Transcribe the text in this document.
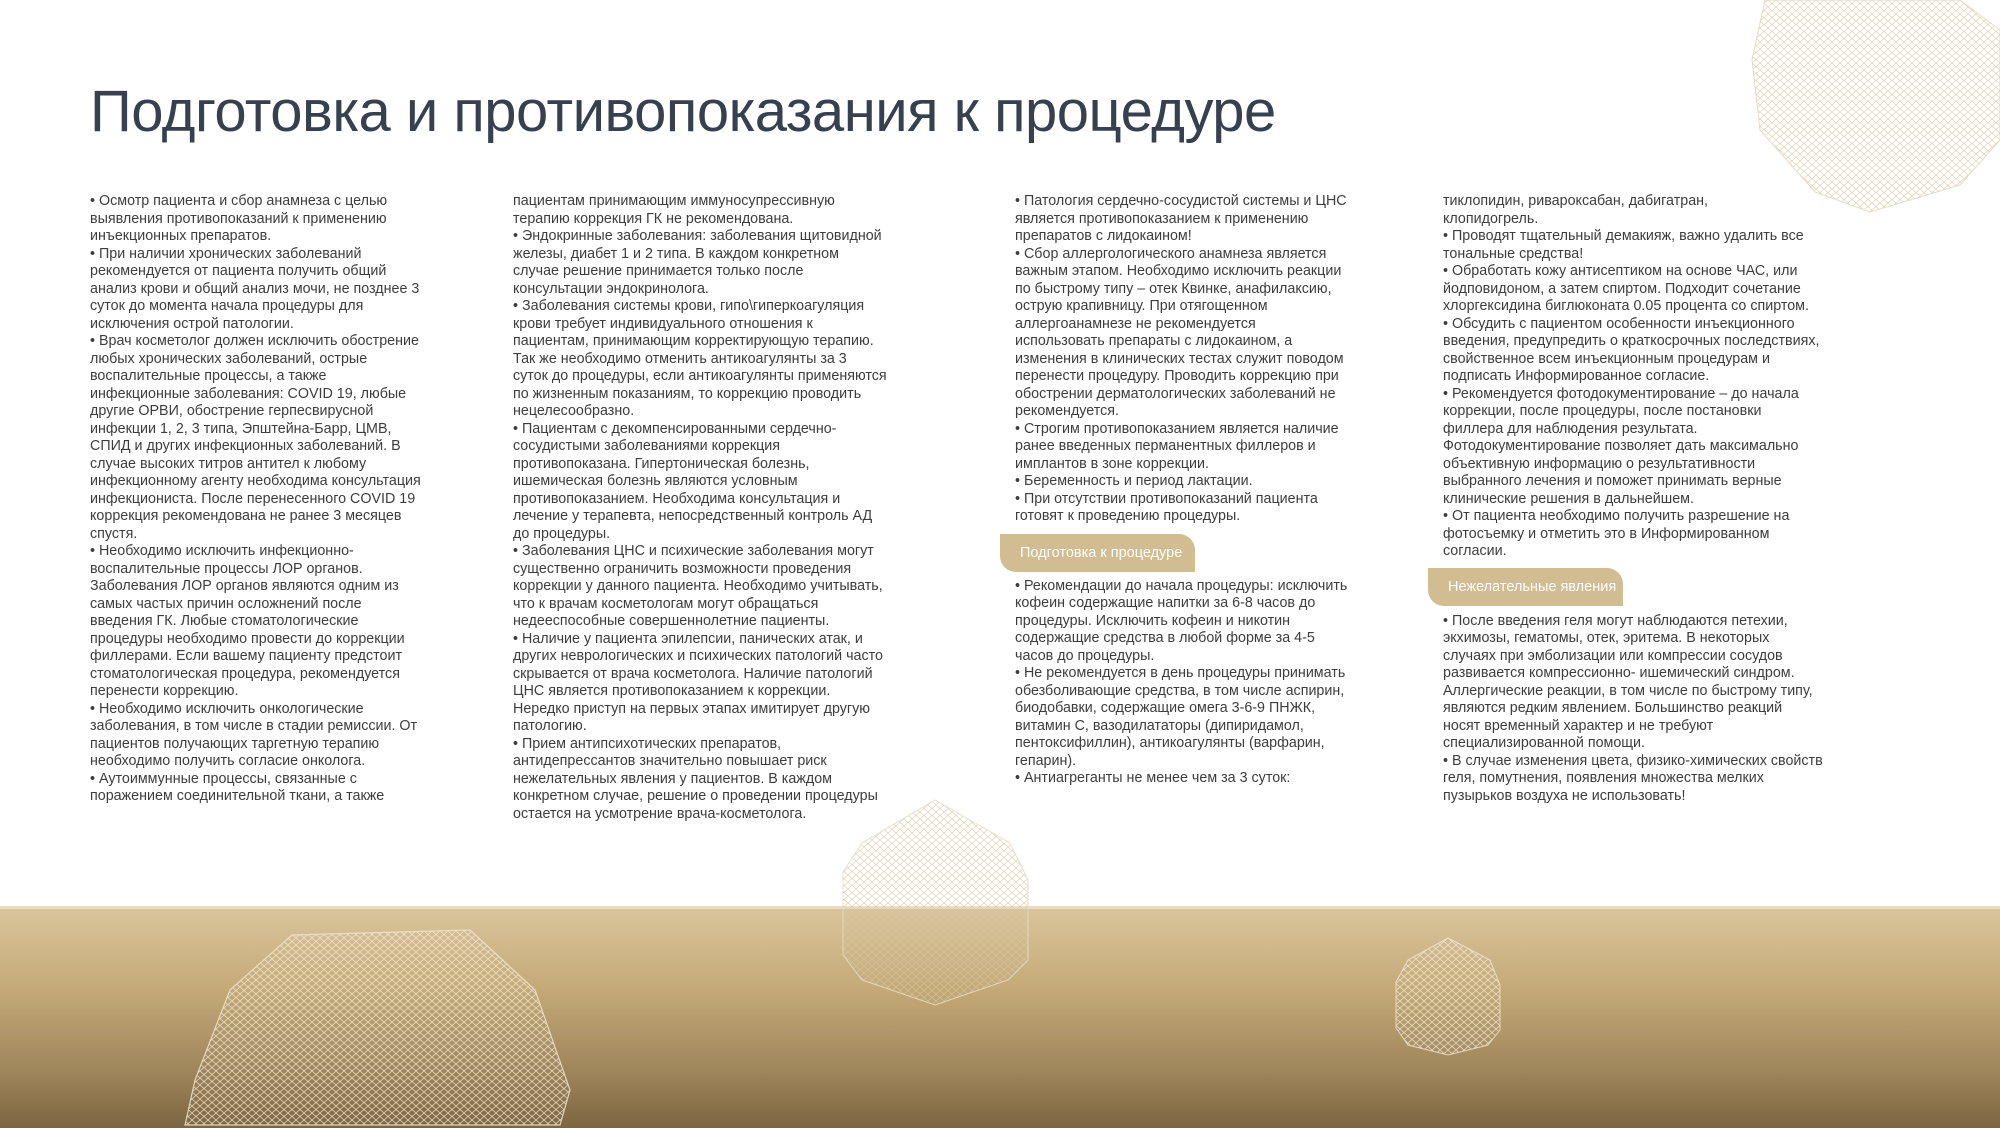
Подготовка и противопоказания к процедуре

• Осмотр пациента и сбор анамнеза с целью

выявления противопоказаний к применению

инъекционных препаратов.

• При наличии хронических заболеваний

рекомендуется от пациента получить общий

анализ крови и общий анализ мочи, не позднее 3

суток до момента начала процедуры для

исключения острой патологии.

• Врач косметолог должен исключить обострение

любых хронических заболеваний, острые

воспалительные процессы, а также

инфекционные заболевания: COVID 19, любые

другие ОРВИ, обострение герпесвирусной

инфекции 1, 2, 3 типа, Эпштейна-Барр, ЦМВ,

СПИД и других инфекционных заболеваний. В

случае высоких титров антител к любому

инфекционному агенту необходима консультация

инфекциониста. После перенесенного COVID 19

коррекция рекомендована не ранее 3 месяцев

спустя.

• Необходимо исключить инфекционно-

воспалительные процессы ЛОР органов.

Заболевания ЛОР органов являются одним из

самых частых причин осложнений после

введения ГК. Любые стоматологические

процедуры необходимо провести до коррекции

филлерами. Если вашему пациенту предстоит

стоматологическая процедура, рекомендуется

перенести коррекцию.

• Необходимо исключить онкологические

заболевания, в том числе в стадии ремиссии. От

пациентов получающих таргетную терапию

необходимо получить согласие онколога.

• Аутоиммунные процессы, связанные с

поражением соединительной ткани, а также

пациентам принимающим иммуносупрессивную

терапию коррекция ГК не рекомендована.

• Эндокринные заболевания: заболевания щитовидной

железы, диабет 1 и 2 типа. В каждом конкретном

случае решение принимается только после

консультации эндокринолога.

• Заболевания системы крови, гипо\гиперкоагуляция

крови требует индивидуального отношения к

пациентам, принимающим корректирующую терапию.

Так же необходимо отменить антикоагулянты за 3

суток до процедуры, если антикоагулянты применяются

по жизненным показаниям, то коррекцию проводить

нецелесообразно.

• Пациентам с декомпенсированными сердечно-

сосудистыми заболеваниями коррекция

противопоказана. Гипертоническая болезнь,

ишемическая болезнь являются условным

противопоказанием. Необходима консультация и

лечение у терапевта, непосредственный контроль АД

до процедуры.

• Заболевания ЦНС и психические заболевания могут

существенно ограничить возможности проведения

коррекции у данного пациента. Необходимо учитывать,

что к врачам косметологам могут обращаться

недееспособные совершеннолетние пациенты.

• Наличие у пациента эпилепсии, панических атак, и

других неврологических и психических патологий часто

скрывается от врача косметолога. Наличие патологий

ЦНС является противопоказанием к коррекции.

Нередко приступ на первых этапах имитирует другую

патологию.

• Прием антипсихотических препаратов,

антидепрессантов значительно повышает риск

нежелательных явления у пациентов. В каждом

конкретном случае, решение о проведении процедуры

остается на усмотрение врача-косметолога.

• Патология сердечно-сосудистой системы и ЦНС

является противопоказанием к применению

препаратов с лидокаином!

• Сбор аллергологического анамнеза является

важным этапом. Необходимо исключить реакции

по быстрому типу – отек Квинке, анафилаксию,

острую крапивницу. При отягощенном

аллергоанамнезе не рекомендуется

использовать препараты с лидокаином, а

изменения в клинических тестах служит поводом

перенести процедуру. Проводить коррекцию при

обострении дерматологических заболеваний не

рекомендуется.

• Строгим противопоказанием является наличие

ранее введенных перманентных филлеров и

имплантов в зоне коррекции.

• Беременность и период лактации.

• При отсутствии противопоказаний пациента

готовят к проведению процедуры.

• Рекомендации до начала процедуры: исключить

кофеин содержащие напитки за 6-8 часов до

процедуры. Исключить кофеин и никотин

содержащие средства в любой форме за 4-5

часов до процедуры.

• Не рекомендуется в день процедуры принимать

обезболивающие средства, в том числе аспирин,

биодобавки, содержащие омега 3-6-9 ПНЖК,

витамин С, вазодилататоры (дипиридамол,

пентоксифиллин), антикоагулянты (варфарин,

гепарин).

• Антиагреганты не менее чем за 3 суток:

Подготовка к процедуре

тиклопидин, ривароксабан, дабигатран,

клопидогрель.

• Проводят тщательный демакияж, важно удалить все

тональные средства!

• Обработать кожу антисептиком на основе ЧАС, или

йодповидоном, а затем спиртом. Подходит сочетание

хлоргексидина биглюконата 0.05 процента со спиртом.

• Обсудить с пациентом особенности инъекционного

введения, предупредить о краткосрочных последствиях,

свойственное всем инъекционным процедурам и

подписать Информированное согласие.

• Рекомендуется фотодокументирование – до начала

коррекции, после процедуры, после постановки

филлера для наблюдения результата.

Фотодокументирование позволяет дать максимально

объективную информацию о результативности

выбранного лечения и поможет принимать верные

клинические решения в дальнейшем.

• От пациента необходимо получить разрешение на

фотосъемку и отметить это в Информированном

согласии.

• После введения геля могут наблюдаются петехии,

экхимозы, гематомы, отек, эритема. В некоторых

случаях при эмболизации или компрессии сосудов

развивается компрессионно- ишемический синдром.

Аллергические реакции, в том числе по быстрому типу,

являются редким явлением. Большинство реакций

носят временный характер и не требуют

специализированной помощи.

• В случае изменения цвета, физико-химических свойств

геля, помутнения, появления множества мелких

пузырьков воздуха не использовать!

Нежелательные явления
